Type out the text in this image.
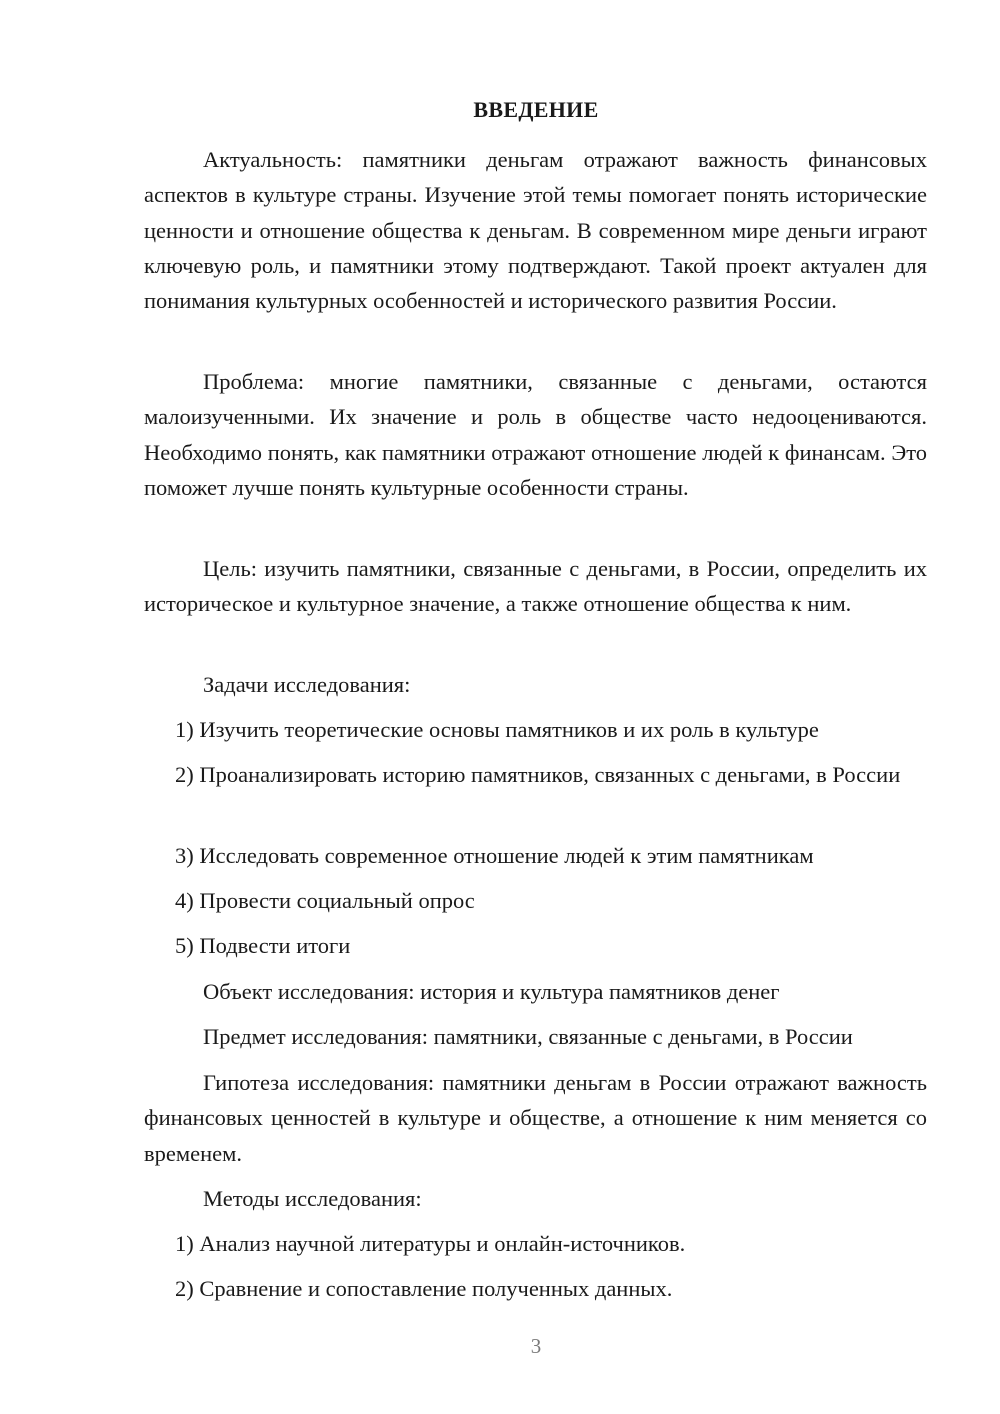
ВВЕДЕНИЕ

Актуальность: памятники деньгам отражают важность финансовых аспектов в культуре страны. Изучение этой темы помогает понять исторические ценности и отношение общества к деньгам. В современном мире деньги играют ключевую роль, и памятники этому подтверждают. Такой проект актуален для понимания культурных особенностей и исторического развития России.

Проблема: многие памятники, связанные с деньгами, остаются малоизученными. Их значение и роль в обществе часто недооцениваются. Необходимо понять, как памятники отражают отношение людей к финансам. Это поможет лучше понять культурные особенности страны.

Цель: изучить памятники, связанные с деньгами, в России, определить их историческое и культурное значение, а также отношение общества к ним.

Задачи исследования:

1) Изучить теоретические основы памятников и их роль в культуре

2) Проанализировать историю памятников, связанных с деньгами, в России

3) Исследовать современное отношение людей к этим памятникам

4) Провести социальный опрос

5) Подвести итоги

Объект исследования: история и культура памятников денег

Предмет исследования: памятники, связанные с деньгами, в России

Гипотеза исследования: памятники деньгам в России отражают важность финансовых ценностей в культуре и обществе, а отношение к ним меняется со временем.

Методы исследования:

1) Анализ научной литературы и онлайн-источников.

2) Сравнение и сопоставление полученных данных.

3
